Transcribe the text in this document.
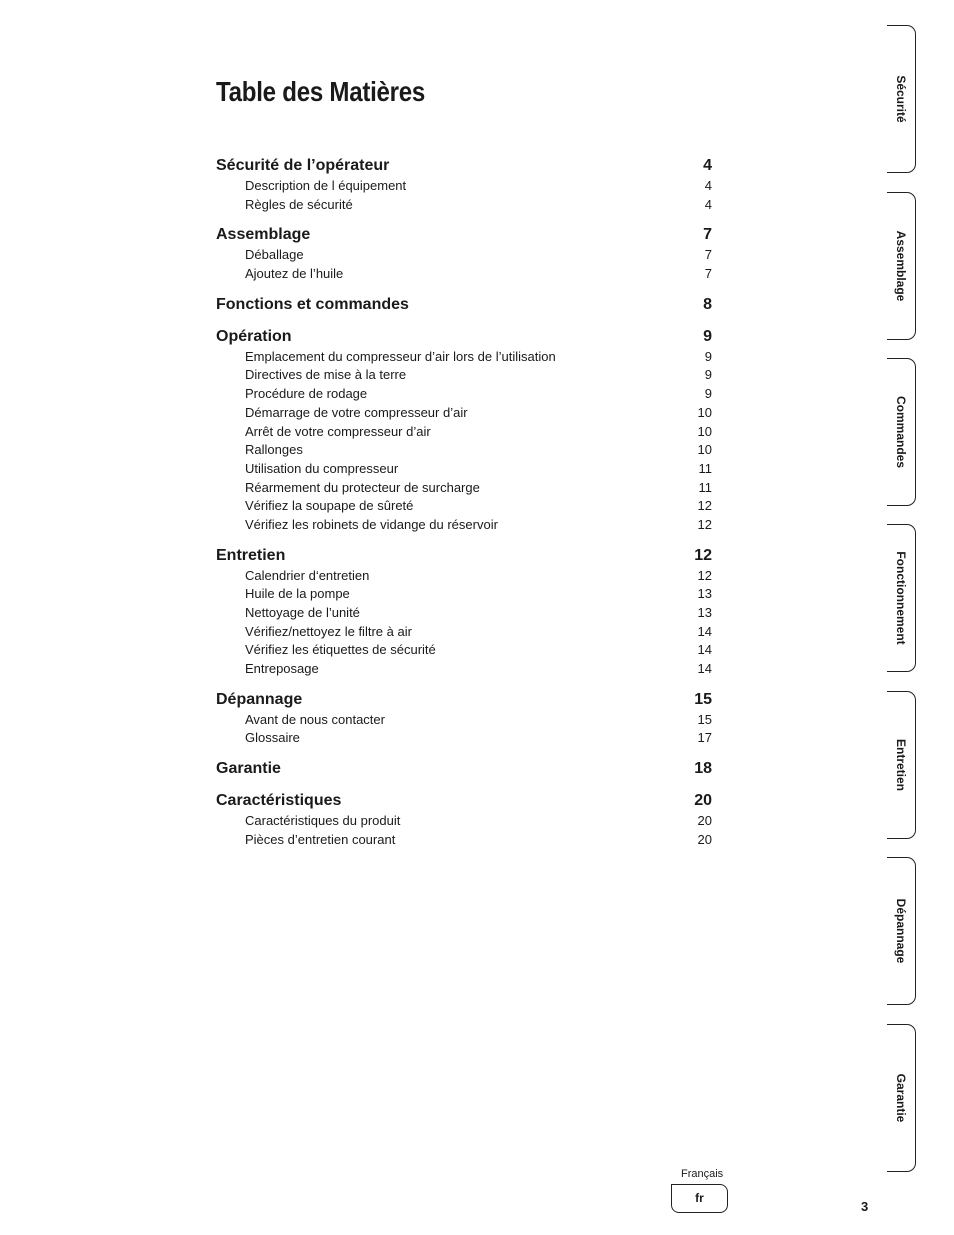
Table des Matières
Sécurité de l’opérateur	4
Description de l équipement	4
Règles de sécurité	4
Assemblage	7
Déballage	7
Ajoutez de l’huile	7
Fonctions et commandes	8
Opération	9
Emplacement du compresseur d’air lors de l’utilisation	9
Directives de mise à la terre	9
Procédure de rodage	9
Démarrage de votre compresseur d’air	10
Arrêt de votre compresseur d’air	10
Rallonges	10
Utilisation du compresseur	11
Réarmement du protecteur de surcharge	11
Vérifiez la soupape de sûreté	12
Vérifiez les robinets de vidange du réservoir	12
Entretien	12
Calendrier d‘entretien	12
Huile de la pompe	13
Nettoyage de l’unité	13
Vérifiez/nettoyez le filtre à air	14
Vérifiez les étiquettes de sécurité	14
Entreposage	14
Dépannage	15
Avant de nous contacter	15
Glossaire	17
Garantie	18
Caractéristiques	20
Caractéristiques du produit	20
Pièces d’entretien courant	20
Sécurité
Assemblage
Commandes
Fonctionnement
Entretien
Dépannage
Garantie
Français
fr
3
